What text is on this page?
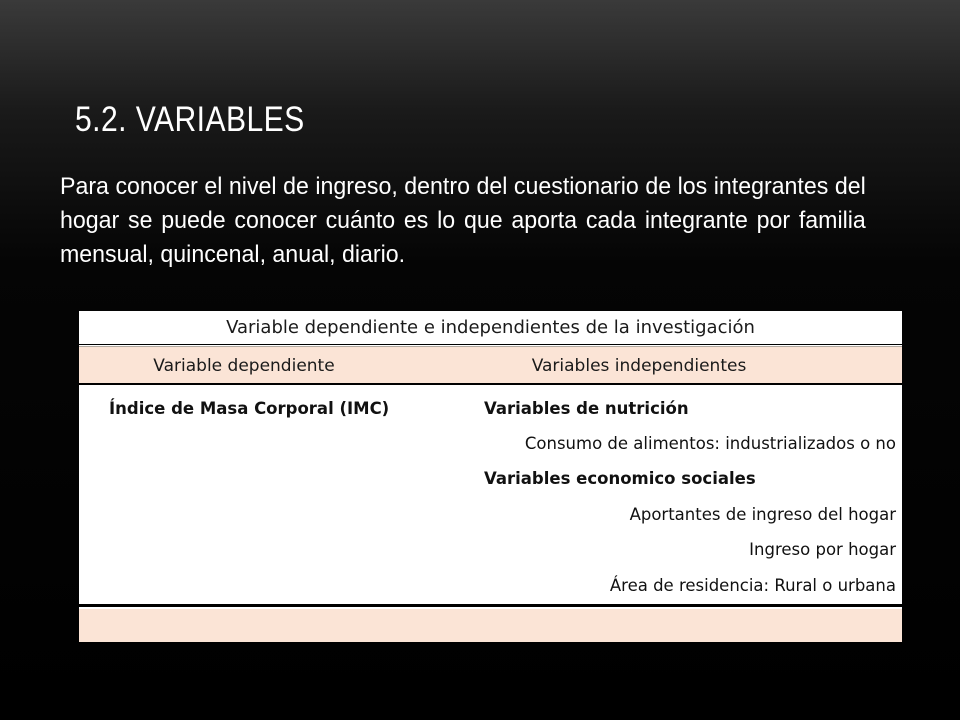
5.2. VARIABLES
Para conocer el nivel de ingreso, dentro del cuestionario de los integrantes del hogar se puede conocer cuánto es lo que aporta cada integrante por familia mensual, quincenal, anual, diario.
Variable dependiente e independientes de la investigación
Variable dependiente	Variables independientes
Índice de Masa Corporal (IMC)	Variables de nutrición
Consumo de alimentos: industrializados o no
Variables economico sociales
Aportantes de ingreso del hogar
Ingreso por hogar
Área de residencia: Rural o urbana
